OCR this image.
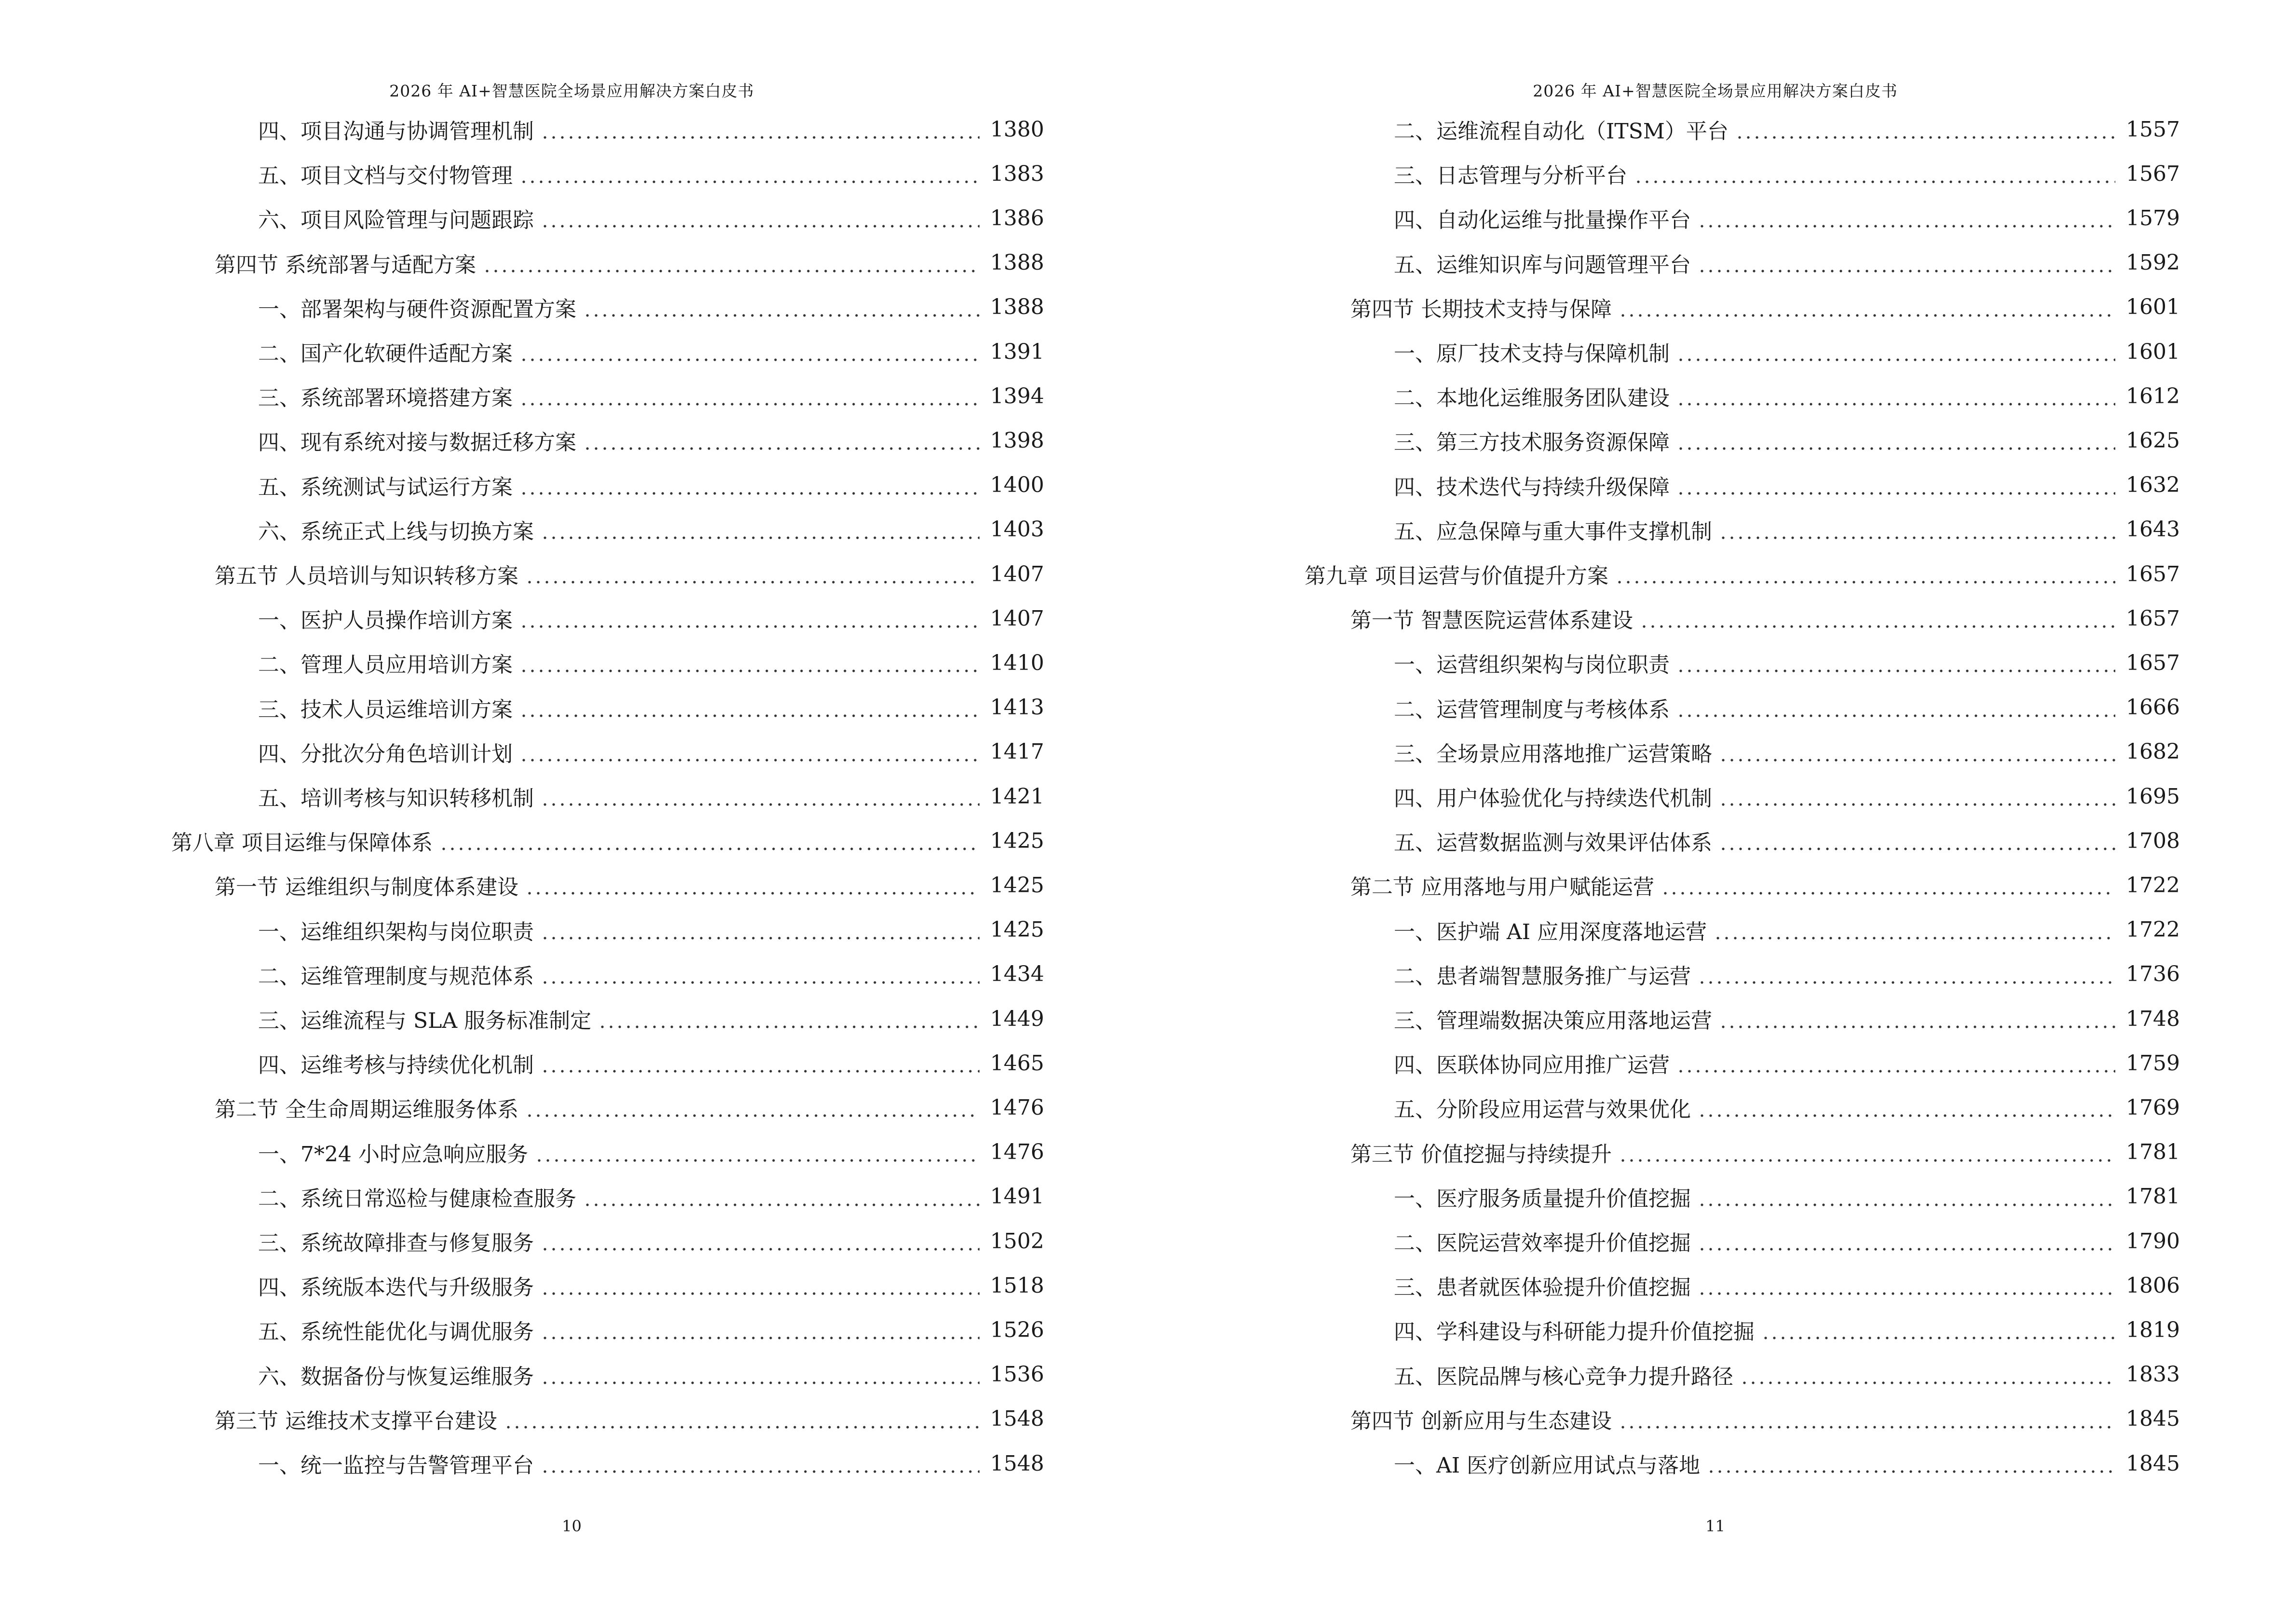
2026 年 AI+智慧医院全场景应用解决方案白皮书
四、项目沟通与协调管理机制	1380
五、项目文档与交付物管理	1383
六、项目风险管理与问题跟踪	1386
第四节 系统部署与适配方案	1388
一、部署架构与硬件资源配置方案	1388
二、国产化软硬件适配方案	1391
三、系统部署环境搭建方案	1394
四、现有系统对接与数据迁移方案	1398
五、系统测试与试运行方案	1400
六、系统正式上线与切换方案	1403
第五节 人员培训与知识转移方案	1407
一、医护人员操作培训方案	1407
二、管理人员应用培训方案	1410
三、技术人员运维培训方案	1413
四、分批次分角色培训计划	1417
五、培训考核与知识转移机制	1421
第八章 项目运维与保障体系	1425
第一节 运维组织与制度体系建设	1425
一、运维组织架构与岗位职责	1425
二、运维管理制度与规范体系	1434
三、运维流程与 SLA 服务标准制定	1449
四、运维考核与持续优化机制	1465
第二节 全生命周期运维服务体系	1476
一、7*24 小时应急响应服务	1476
二、系统日常巡检与健康检查服务	1491
三、系统故障排查与修复服务	1502
四、系统版本迭代与升级服务	1518
五、系统性能优化与调优服务	1526
六、数据备份与恢复运维服务	1536
第三节 运维技术支撑平台建设	1548
一、统一监控与告警管理平台	1548
10
2026 年 AI+智慧医院全场景应用解决方案白皮书
二、运维流程自动化（ITSM）平台	1557
三、日志管理与分析平台	1567
四、自动化运维与批量操作平台	1579
五、运维知识库与问题管理平台	1592
第四节 长期技术支持与保障	1601
一、原厂技术支持与保障机制	1601
二、本地化运维服务团队建设	1612
三、第三方技术服务资源保障	1625
四、技术迭代与持续升级保障	1632
五、应急保障与重大事件支撑机制	1643
第九章 项目运营与价值提升方案	1657
第一节 智慧医院运营体系建设	1657
一、运营组织架构与岗位职责	1657
二、运营管理制度与考核体系	1666
三、全场景应用落地推广运营策略	1682
四、用户体验优化与持续迭代机制	1695
五、运营数据监测与效果评估体系	1708
第二节 应用落地与用户赋能运营	1722
一、医护端 AI 应用深度落地运营	1722
二、患者端智慧服务推广与运营	1736
三、管理端数据决策应用落地运营	1748
四、医联体协同应用推广运营	1759
五、分阶段应用运营与效果优化	1769
第三节 价值挖掘与持续提升	1781
一、医疗服务质量提升价值挖掘	1781
二、医院运营效率提升价值挖掘	1790
三、患者就医体验提升价值挖掘	1806
四、学科建设与科研能力提升价值挖掘	1819
五、医院品牌与核心竞争力提升路径	1833
第四节 创新应用与生态建设	1845
一、AI 医疗创新应用试点与落地	1845
11
